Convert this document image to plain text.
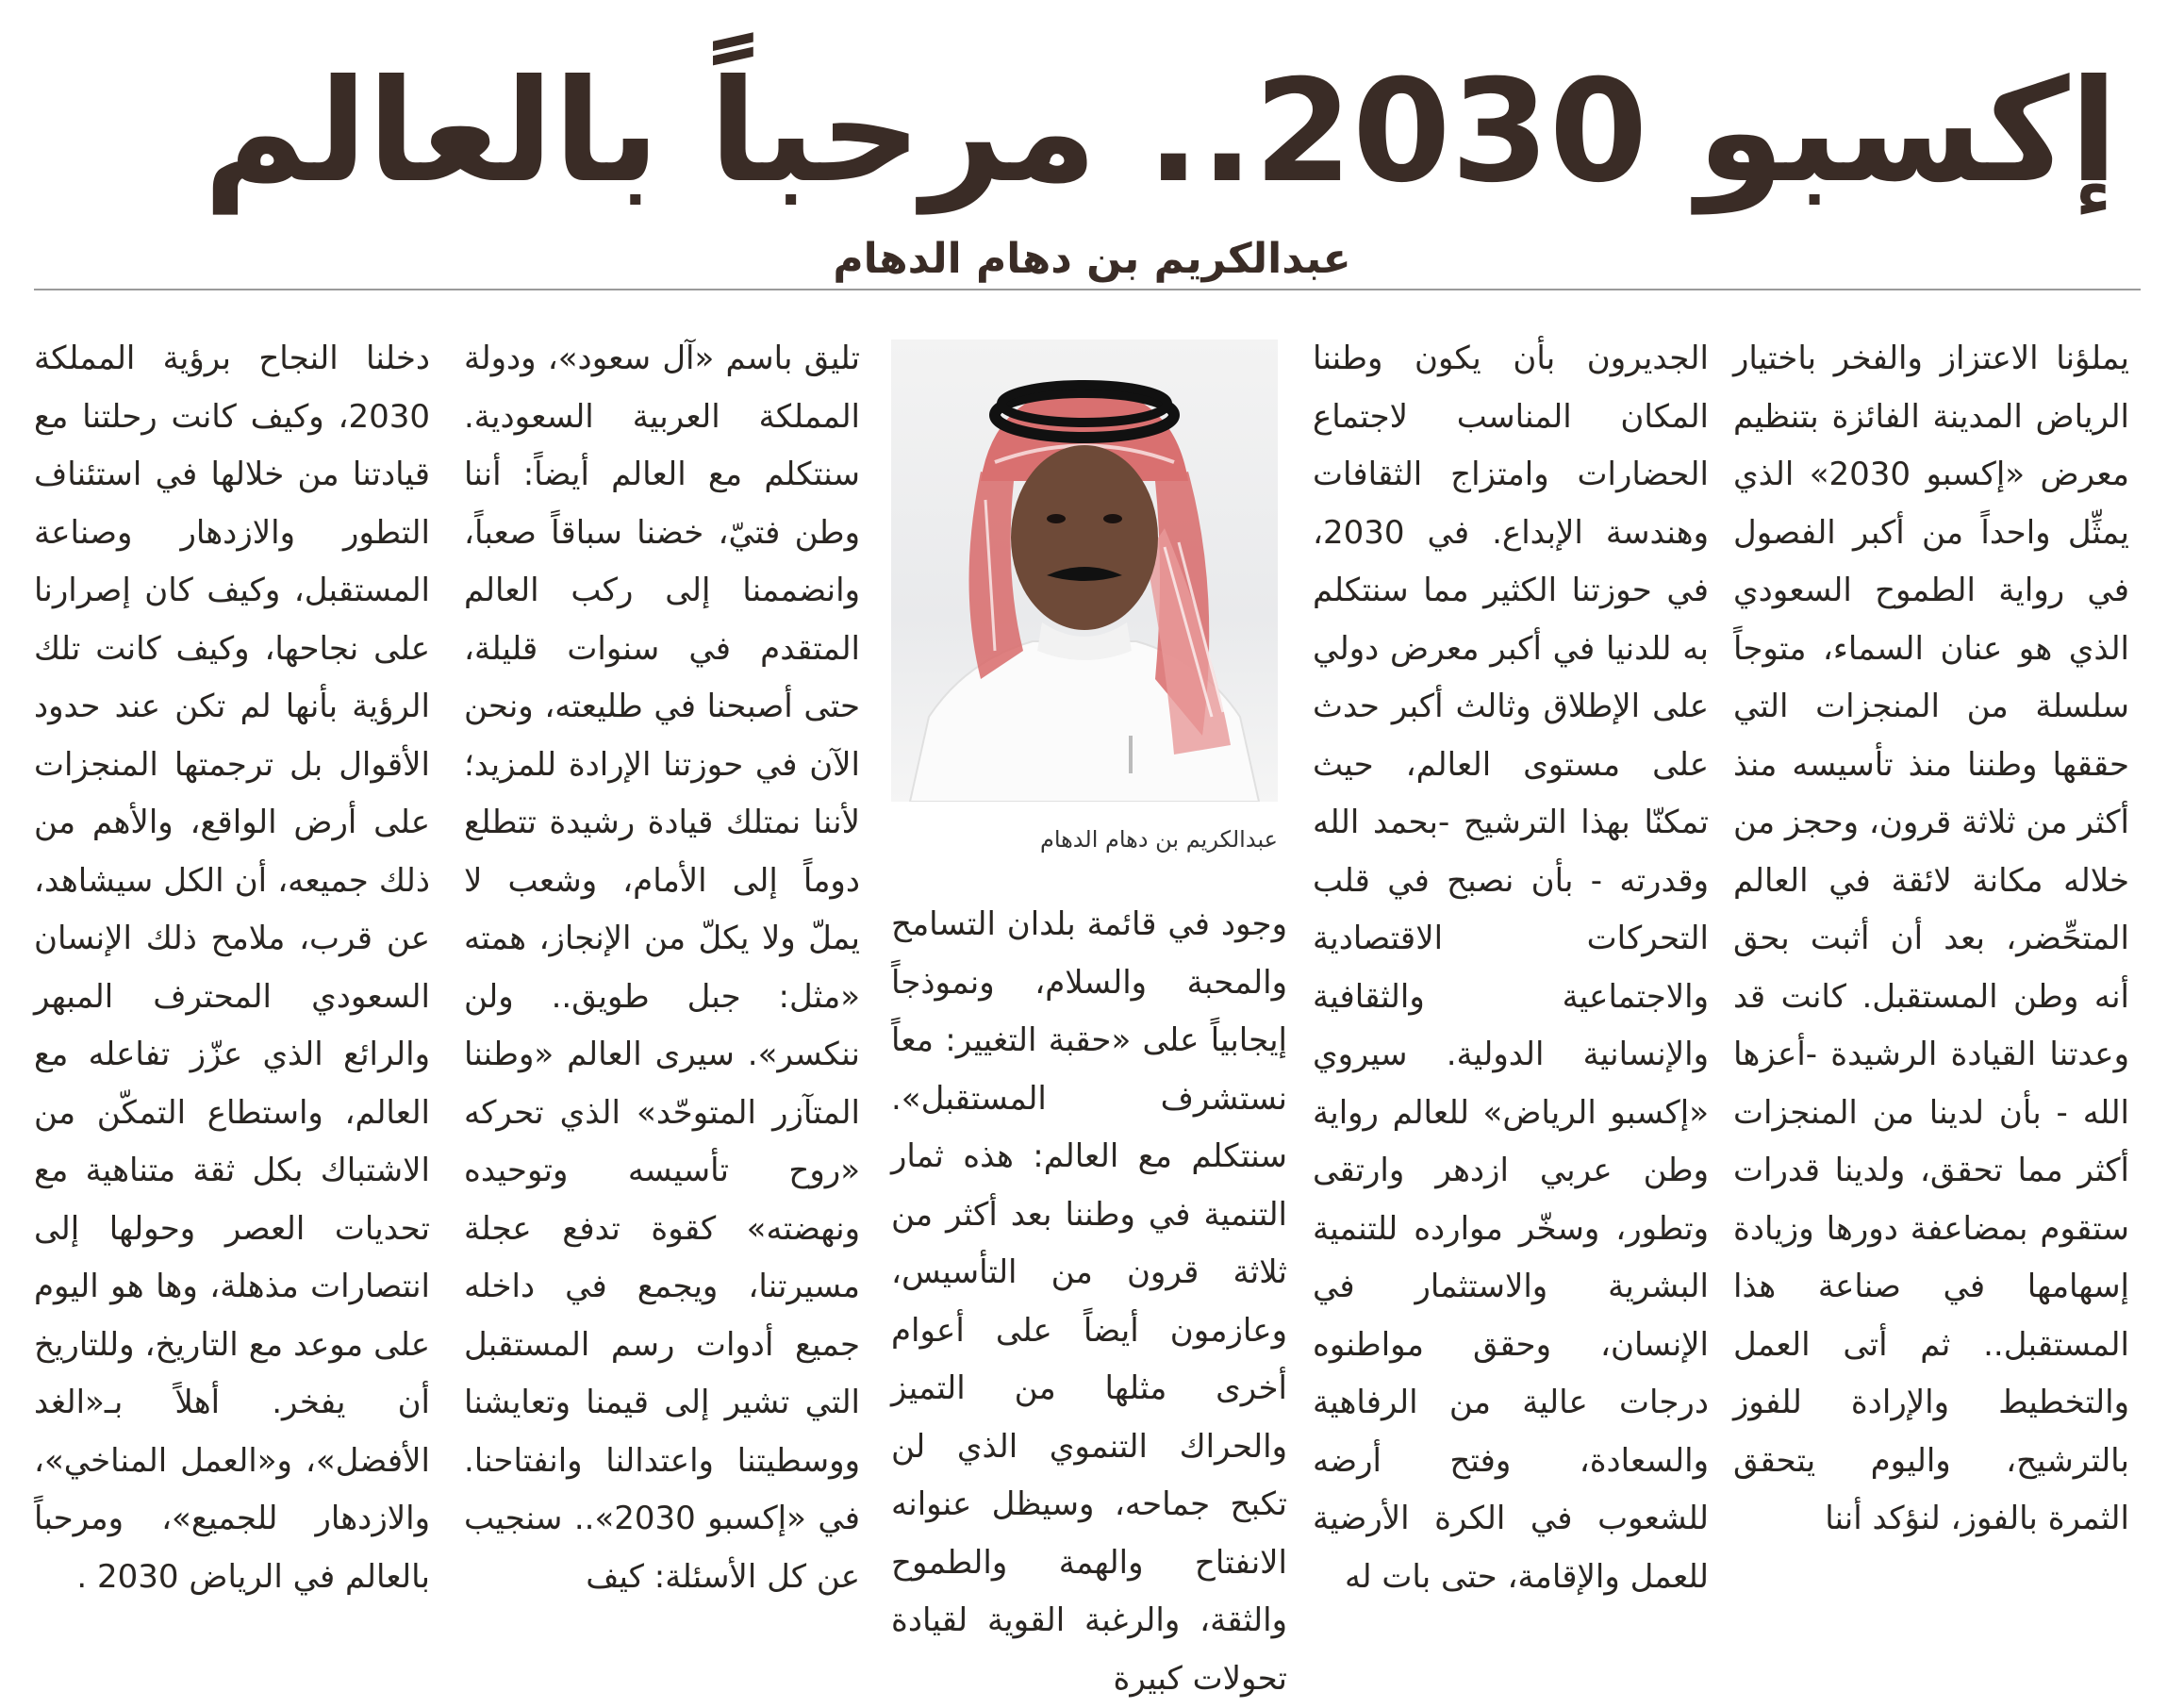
إكسبو 2030.. مرحباً بالعالم
عبدالكريم بن دهام الدهام

يملؤنا الاعتزاز والفخر باختيار الرياض المدينة الفائزة بتنظيم معرض «إكسبو 2030» الذي يمثِّل واحداً من أكبر الفصول في رواية الطموح السعودي الذي هو عنان السماء، متوجاً سلسلة من المنجزات التي حققها وطننا منذ تأسيسه منذ أكثر من ثلاثة قرون، وحجز من خلاله مكانة لائقة في العالم المتحِّضر، بعد أن أثبت بحق أنه وطن المستقبل. كانت قد وعدتنا القيادة الرشيدة -أعزها الله - بأن لدينا من المنجزات أكثر مما تحقق، ولدينا قدرات ستقوم بمضاعفة دورها وزيادة إسهامها في صناعة هذا المستقبل.. ثم أتى العمل والتخطيط والإرادة للفوز بالترشيح، واليوم يتحقق الثمرة بالفوز، لنؤكد أننا

الجديرون بأن يكون وطننا المكان المناسب لاجتماع الحضارات وامتزاج الثقافات وهندسة الإبداع. في 2030، في حوزتنا الكثير مما سنتكلم به للدنيا في أكبر معرض دولي على الإطلاق وثالث أكبر حدث على مستوى العالم، حيث تمكنّا بهذا الترشيح -بحمد الله وقدرته - بأن نصبح في قلب التحركات الاقتصادية والاجتماعية والثقافية والإنسانية الدولية. سيروي «إكسبو الرياض» للعالم رواية وطن عربي ازدهر وارتقى وتطور، وسخّر موارده للتنمية البشرية والاستثمار في الإنسان، وحقق مواطنوه درجات عالية من الرفاهية والسعادة، وفتح أرضه للشعوب في الكرة الأرضية للعمل والإقامة، حتى بات له

عبدالكريم بن دهام الدهام

وجود في قائمة بلدان التسامح والمحبة والسلام، ونموذجاً إيجابياً على «حقبة التغيير: معاً نستشرف المستقبل». سنتكلم مع العالم: هذه ثمار التنمية في وطننا بعد أكثر من ثلاثة قرون من التأسيس، وعازمون أيضاً على أعوام أخرى مثلها من التميز والحراك التنموي الذي لن تكبح جماحه، وسيظل عنوانه الانفتاح والهمة والطموح والثقة، والرغبة القوية لقيادة تحولات كبيرة

تليق باسم «آل سعود»، ودولة المملكة العربية السعودية. سنتكلم مع العالم أيضاً: أننا وطن فتيّ، خضنا سباقاً صعباً، وانضممنا إلى ركب العالم المتقدم في سنوات قليلة، حتى أصبحنا في طليعته، ونحن الآن في حوزتنا الإرادة للمزيد؛ لأننا نمتلك قيادة رشيدة تتطلع دوماً إلى الأمام، وشعب لا يملّ ولا يكلّ من الإنجاز، همته «مثل: جبل طويق.. ولن ننكسر». سيرى العالم «وطننا المتآزر المتوحّد» الذي تحركه «روح تأسيسه وتوحيده ونهضته» كقوة تدفع عجلة مسيرتنا، ويجمع في داخله جميع أدوات رسم المستقبل التي تشير إلى قيمنا وتعايشنا ووسطيتنا واعتدالنا وانفتاحنا. في «إكسبو 2030».. سنجيب عن كل الأسئلة: كيف

دخلنا النجاح برؤية المملكة 2030، وكيف كانت رحلتنا مع قيادتنا من خلالها في استئناف التطور والازدهار وصناعة المستقبل، وكيف كان إصرارنا على نجاحها، وكيف كانت تلك الرؤية بأنها لم تكن عند حدود الأقوال بل ترجمتها المنجزات على أرض الواقع، والأهم من ذلك جميعه، أن الكل سيشاهد، عن قرب، ملامح ذلك الإنسان السعودي المحترف المبهر والرائع الذي عزّز تفاعله مع العالم، واستطاع التمكّن من الاشتباك بكل ثقة متناهية مع تحديات العصر وحولها إلى انتصارات مذهلة، وها هو اليوم على موعد مع التاريخ، وللتاريخ أن يفخر. أهلاً بـ«الغد الأفضل»، و«العمل المناخي»، والازدهار للجميع»، ومرحباً بالعالم في الرياض 2030 .
